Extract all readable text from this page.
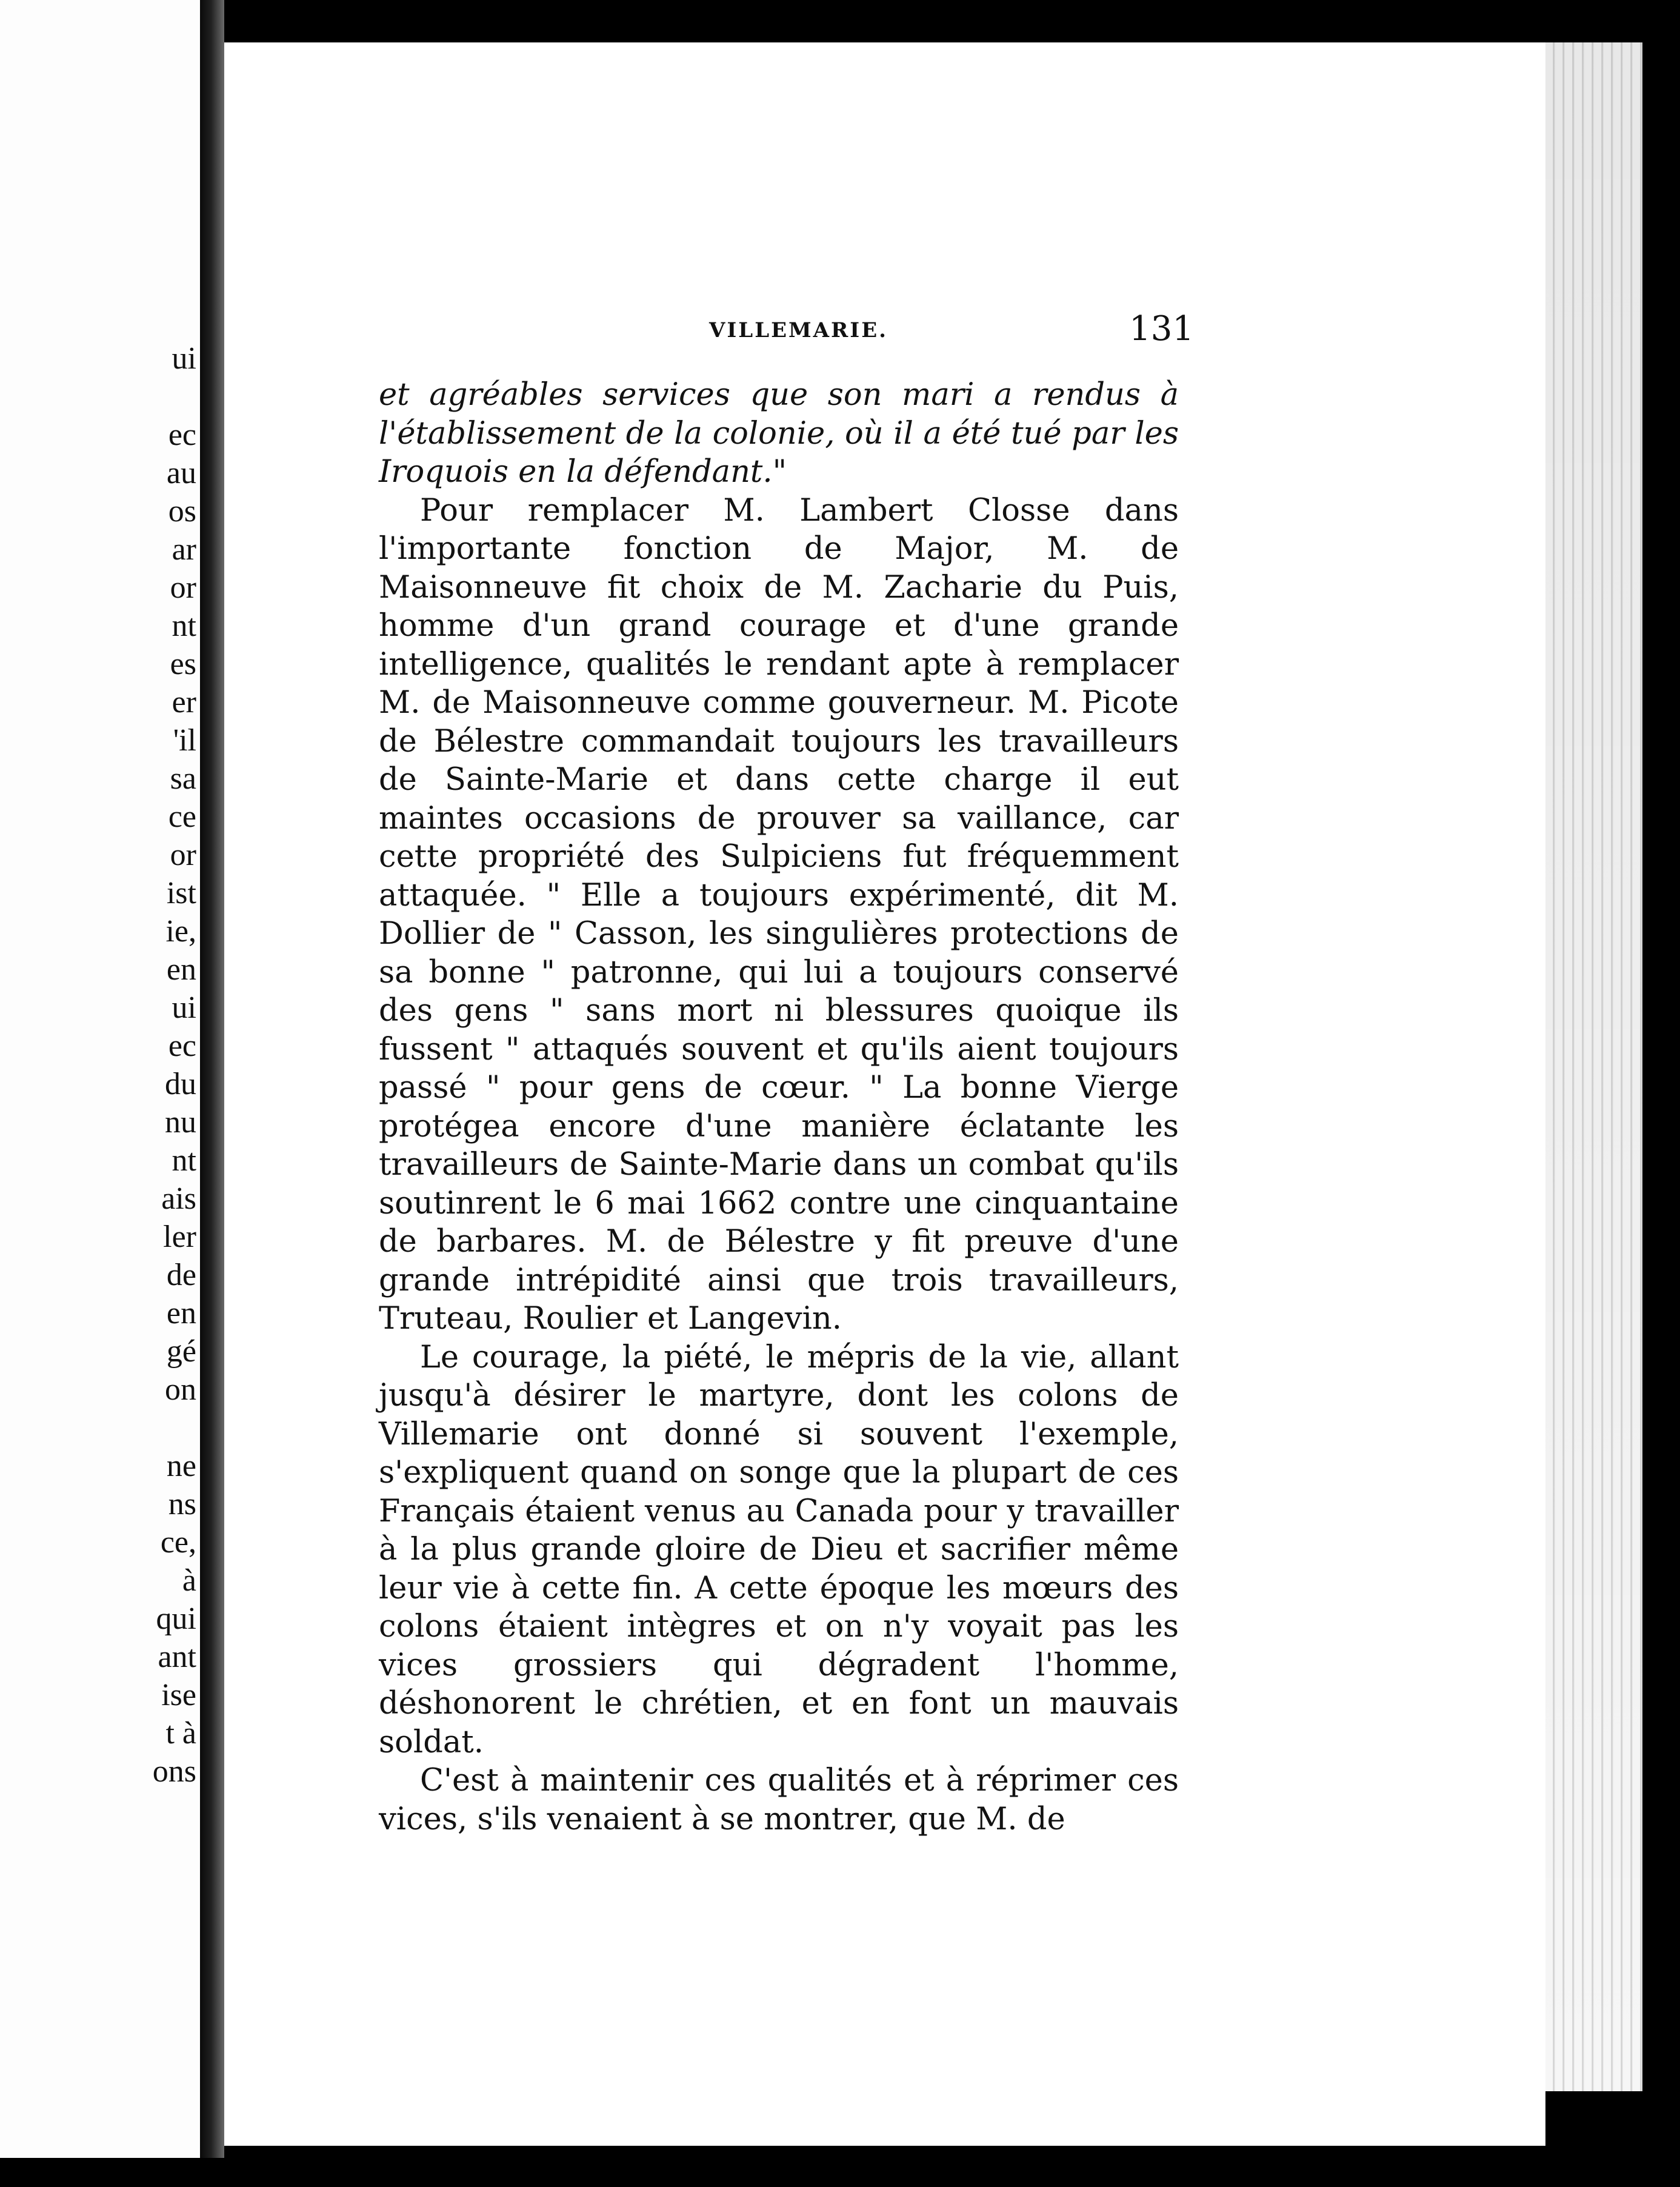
ui

ec
au
os
ar
or
nt
es
er
'il
sa
ce
or
ist
ie,
en
ui
ec
du
nu
nt
ais
ler
de
en
gé
on

ne
ns
ce,
à
qui
ant
ise
t à
ons
VILLEMARIE.	131

et agréables services que son mari a rendus à l'établissement de la colonie, où il a été tué par les Iroquois en la défendant."

Pour remplacer M. Lambert Closse dans l'importante fonction de Major, M. de Maisonneuve fit choix de M. Zacharie du Puis, homme d'un grand courage et d'une grande intelligence, qualités le rendant apte à remplacer M. de Maisonneuve comme gouverneur. M. Picote de Bélestre commandait toujours les travailleurs de Sainte-Marie et dans cette charge il eut maintes occasions de prouver sa vaillance, car cette propriété des Sulpiciens fut fréquemment attaquée. " Elle a toujours expérimenté, dit M. Dollier de " Casson, les singulières protections de sa bonne " patronne, qui lui a toujours conservé des gens " sans mort ni blessures quoique ils fussent " attaqués souvent et qu'ils aient toujours passé " pour gens de cœur. " La bonne Vierge protégea encore d'une manière éclatante les travailleurs de Sainte-Marie dans un combat qu'ils soutinrent le 6 mai 1662 contre une cinquantaine de barbares. M. de Bélestre y fit preuve d'une grande intrépidité ainsi que trois travailleurs, Truteau, Roulier et Langevin.

Le courage, la piété, le mépris de la vie, allant jusqu'à désirer le martyre, dont les colons de Villemarie ont donné si souvent l'exemple, s'expliquent quand on songe que la plupart de ces Français étaient venus au Canada pour y travailler à la plus grande gloire de Dieu et sacrifier même leur vie à cette fin. A cette époque les mœurs des colons étaient intègres et on n'y voyait pas les vices grossiers qui dégradent l'homme, déshonorent le chrétien, et en font un mauvais soldat.

C'est à maintenir ces qualités et à réprimer ces vices, s'ils venaient à se montrer, que M. de
